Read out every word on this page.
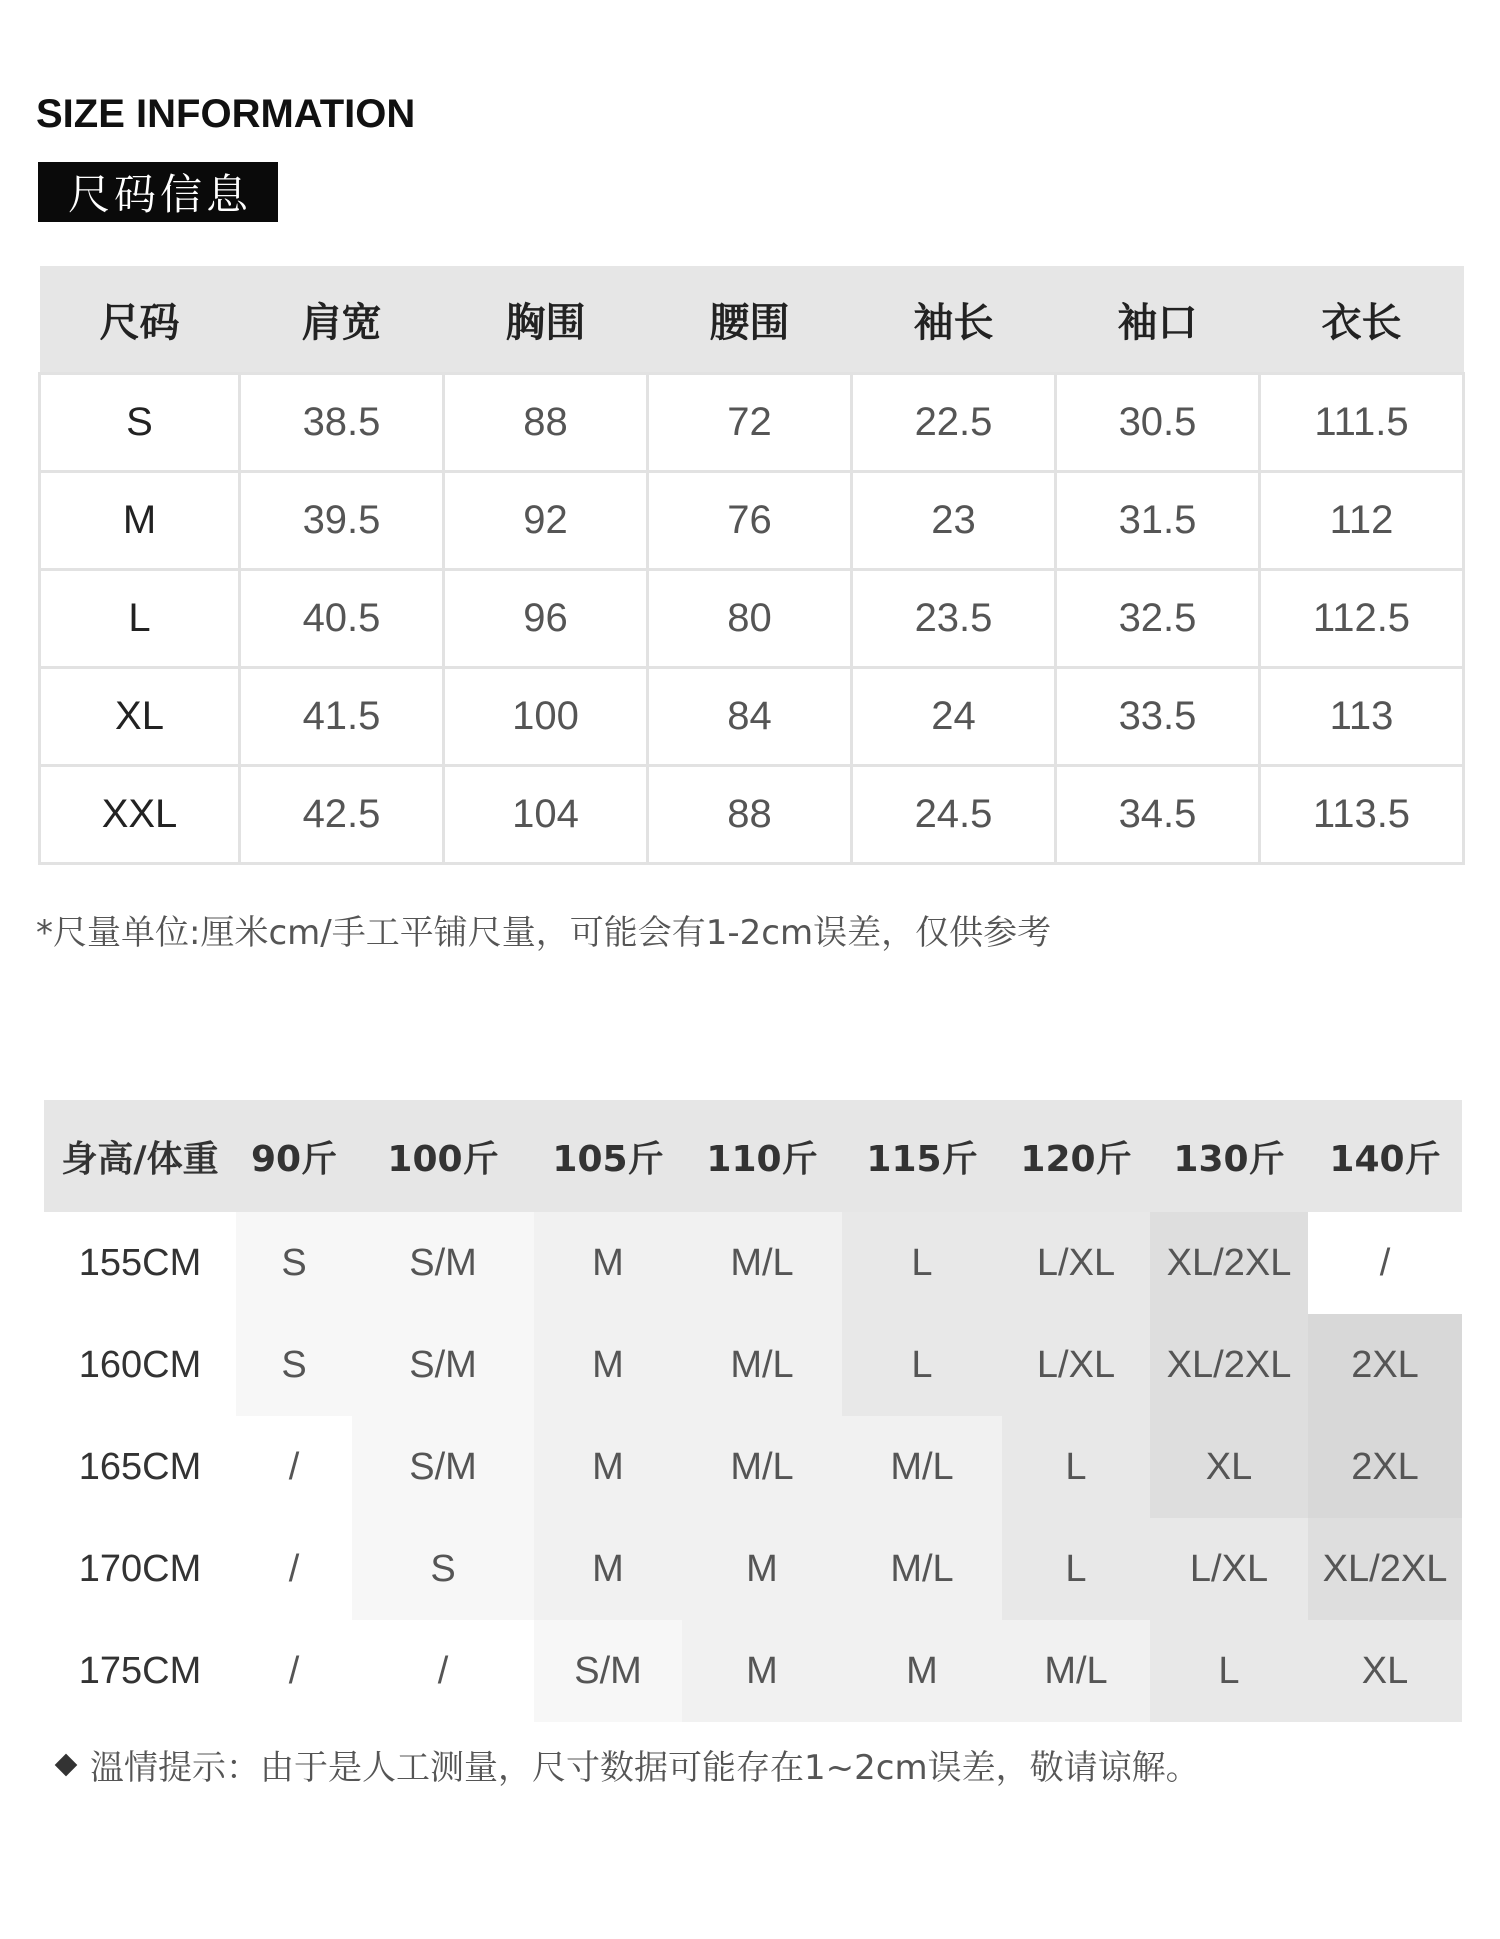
SIZE INFORMATION
尺码信息
尺码	肩宽	胸围	腰围	袖长	袖口	衣长
S	38.5	88	72	22.5	30.5	111.5
M	39.5	92	76	23	31.5	112
L	40.5	96	80	23.5	32.5	112.5
XL	41.5	100	84	24	33.5	113
XXL	42.5	104	88	24.5	34.5	113.5
*尺量单位:厘米cm/手工平铺尺量，可能会有1-2cm误差，仅供参考
身高/体重	90斤	100斤	105斤	110斤	115斤	120斤	130斤	140斤
155CM	S	S/M	M	M/L	L	L/XL	XL/2XL	/
160CM	S	S/M	M	M/L	L	L/XL	XL/2XL	2XL
165CM	/	S/M	M	M/L	M/L	L	XL	2XL
170CM	/	S	M	M	M/L	L	L/XL	XL/2XL
175CM	/	/	S/M	M	M	M/L	L	XL
溫情提示：由于是人工测量，尺寸数据可能存在1~2cm误差，敬请谅解。
